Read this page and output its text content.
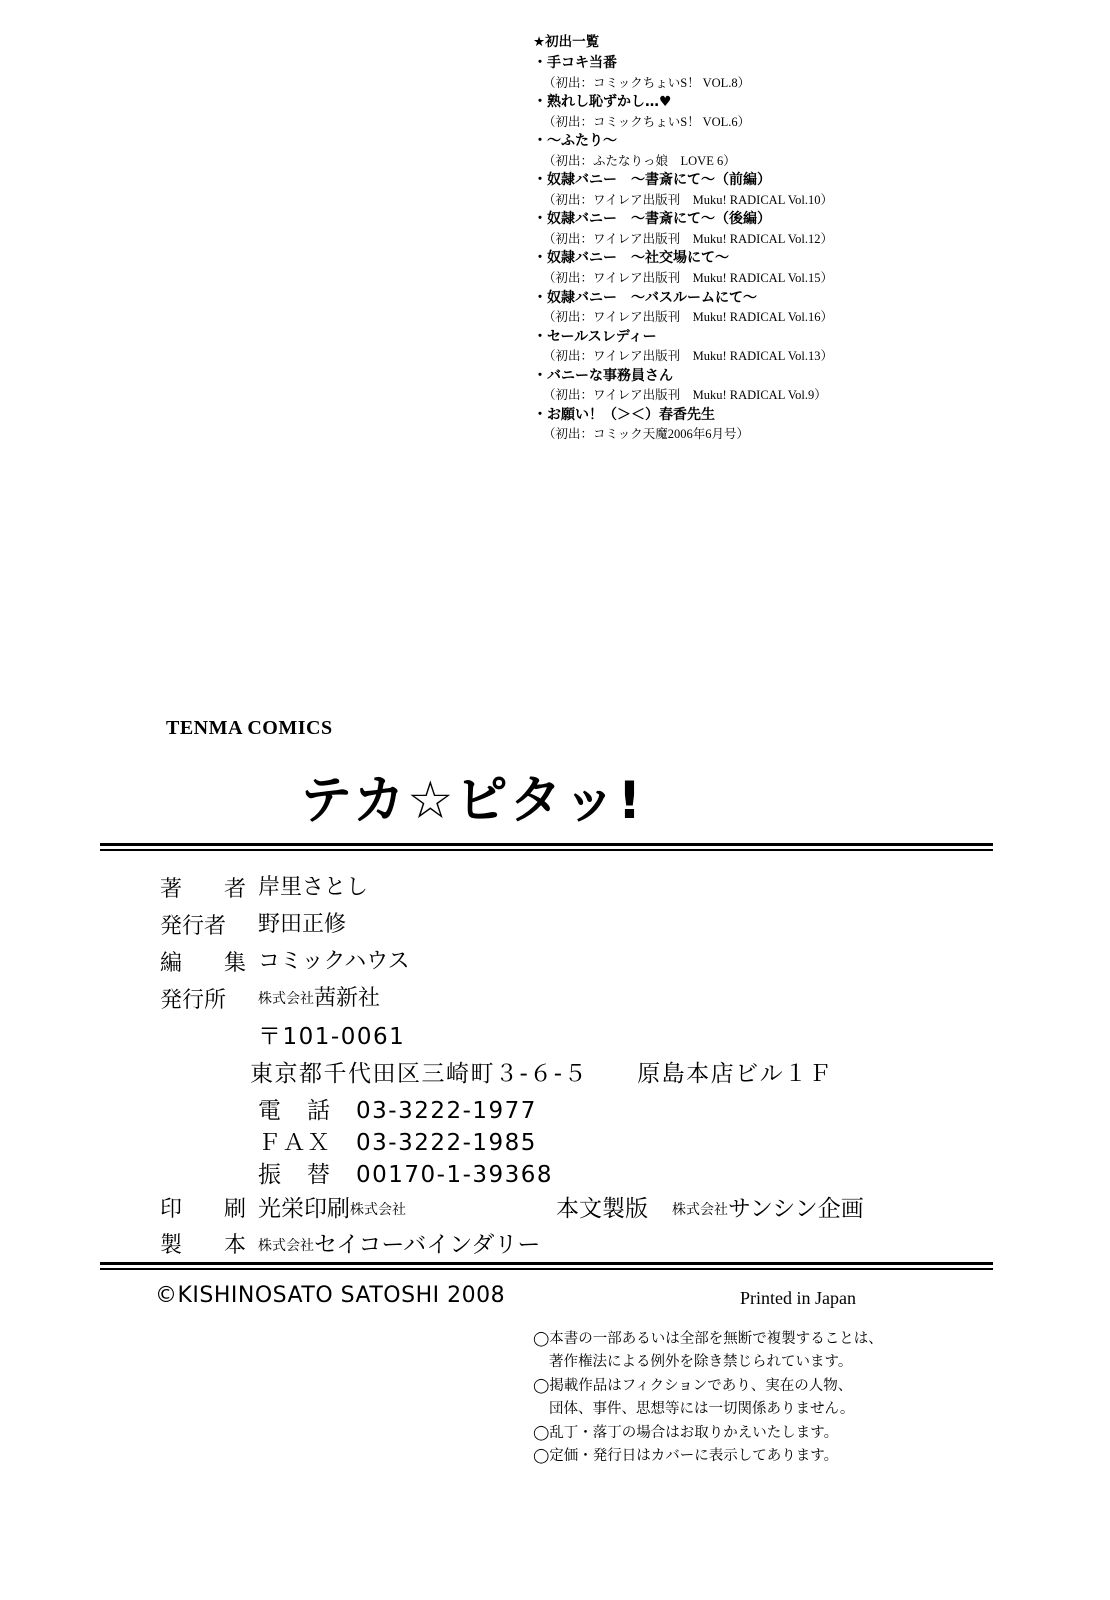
★初出一覧
・手コキ当番
（初出：コミックちょいS！ VOL.8）
・熟れし恥ずかし…♥
（初出：コミックちょいS！ VOL.6）
・〜ふたり〜
（初出：ふたなりっ娘　LOVE 6）
・奴隷バニー　〜書斎にて〜（前編）
（初出：ワイレア出版刊　Muku! RADICAL Vol.10）
・奴隷バニー　〜書斎にて〜（後編）
（初出：ワイレア出版刊　Muku! RADICAL Vol.12）
・奴隷バニー　〜社交場にて〜
（初出：ワイレア出版刊　Muku! RADICAL Vol.15）
・奴隷バニー　〜バスルームにて〜
（初出：ワイレア出版刊　Muku! RADICAL Vol.16）
・セールスレディー
（初出：ワイレア出版刊　Muku! RADICAL Vol.13）
・バニーな事務員さん
（初出：ワイレア出版刊　Muku! RADICAL Vol.9）
・お願い！（＞＜）春香先生
（初出：コミック天魔2006年6月号）
TENMA COMICS
テカ☆ピタッ!
著　者 岸里さとし
発行者 野田正修
編　集 コミックハウス
発行所 株式会社茜新社
〒101-0061
東京都千代田区三崎町３-６-５　　原島本店ビル１Ｆ
電　話　03-3222-1977
ＦＡＸ　03-3222-1985
振　替　00170-1-39368
印　刷 光栄印刷株式会社	本文製版 株式会社サンシン企画
製　本 株式会社セイコーバインダリー
©KISHINOSATO SATOSHI 2008	Printed in Japan
◯本書の一部あるいは全部を無断で複製することは、
著作権法による例外を除き禁じられています。
◯掲載作品はフィクションであり、実在の人物、
団体、事件、思想等には一切関係ありません。
◯乱丁・落丁の場合はお取りかえいたします。
◯定価・発行日はカバーに表示してあります。
